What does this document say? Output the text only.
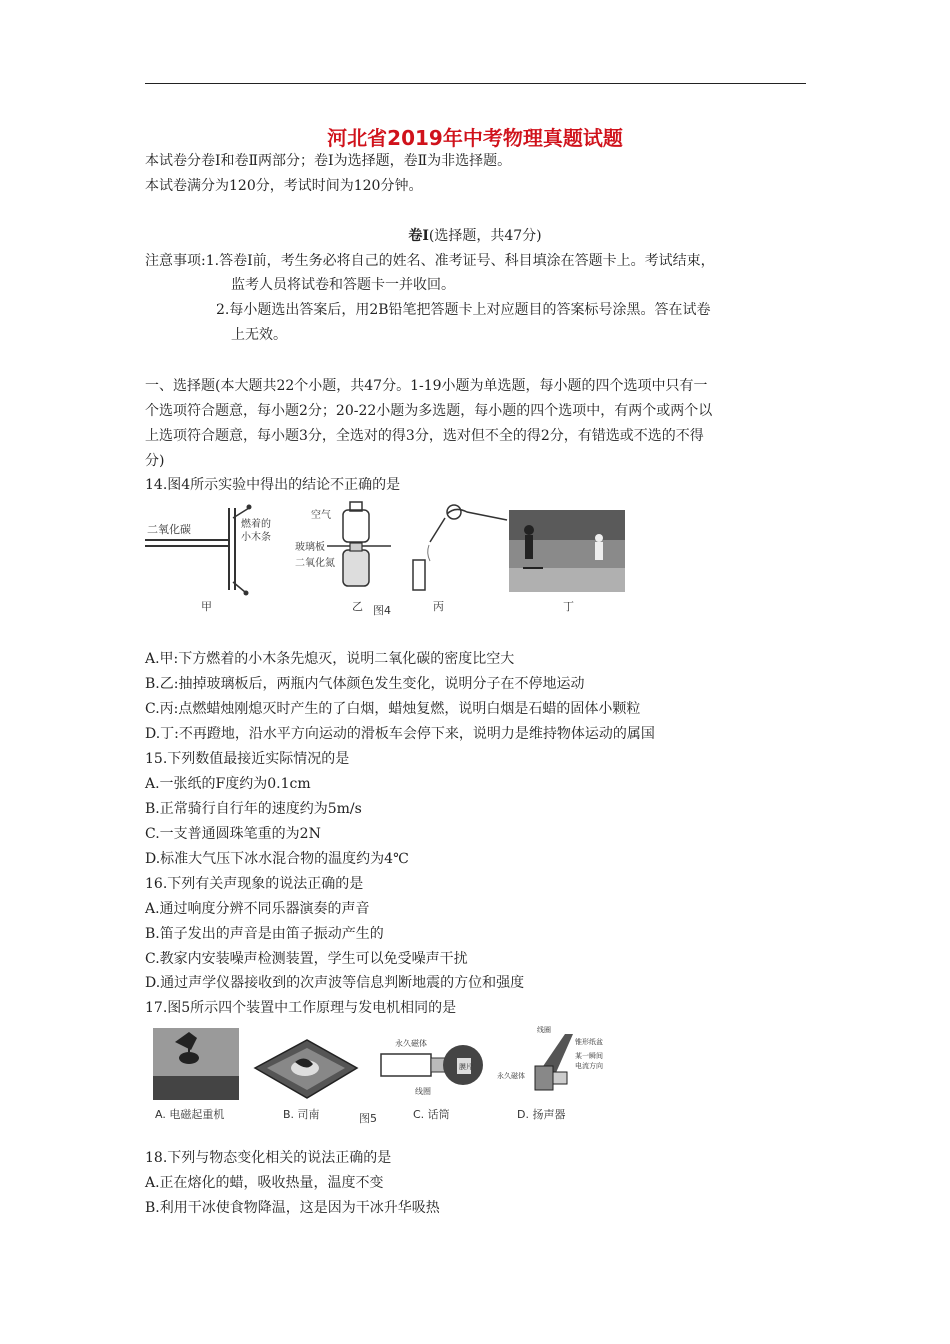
河北省2019年中考物理真题试题
本试卷分卷Ⅰ和卷Ⅱ两部分；卷Ⅰ为选择题，卷Ⅱ为非选择题。
本试卷满分为120分，考试时间为120分钟。
卷Ⅰ(选择题，共47分)
注意事项:1.答卷Ⅰ前，考生务必将自己的姓名、准考证号、科目填涂在答题卡上。考试结束，
监考人员将试卷和答题卡一并收回。
2.每小题选出答案后，用2B铅笔把答题卡上对应题目的答案标号涂黑。答在试卷
上无效。
一、选择题(本大题共22个小题，共47分。1-19小题为单选题，每小题的四个选项中只有一
个选项符合题意，每小题2分；20-22小题为多选题，每小题的四个选项中，有两个或两个以
上选项符合题意，每小题3分，全选对的得3分，选对但不全的得2分，有错选或不选的不得
分)
14.图4所示实验中得出的结论不正确的是
二氧化碳	燃着的
小木条
甲
空气
玻璃板
二氧化氮
乙	丙
图4	丁
A.甲:下方燃着的小木条先熄灭，说明二氧化碳的密度比空大
B.乙:抽掉玻璃板后，两瓶内气体颜色发生变化，说明分子在不停地运动
C.丙:点燃蜡烛刚熄灭时产生的了白烟，蜡烛复燃，说明白烟是石蜡的固体小颗粒
D.丁:不再蹬地，沿水平方向运动的滑板车会停下来，说明力是维持物体运动的属国
15.下列数值最接近实际情况的是
A.一张纸的F度约为0.1cm
B.正常骑行自行年的速度约为5m/s
C.一支普通圆珠笔重的为2N
D.标准大气压下冰水混合物的温度约为4℃
16.下列有关声现象的说法正确的是
A.通过响度分辨不同乐器演奏的声音
B.笛子发出的声音是由笛子振动产生的
C.教家内安装噪声检测装置，学生可以免受噪声干扰
D.通过声学仪器接收到的次声波等信息判断地震的方位和强度
17.图5所示四个装置中工作原理与发电机相同的是
A. 电磁起重机	B. 司南
永久磁体
膜片
线圈
C. 话筒
图5
线圈
永久磁体
锥形纸盆
某一瞬间
电流方向
D. 扬声器
18.下列与物态变化相关的说法正确的是
A.正在熔化的蜡，吸收热量，温度不变
B.利用干冰使食物降温，这是因为干冰升华吸热
